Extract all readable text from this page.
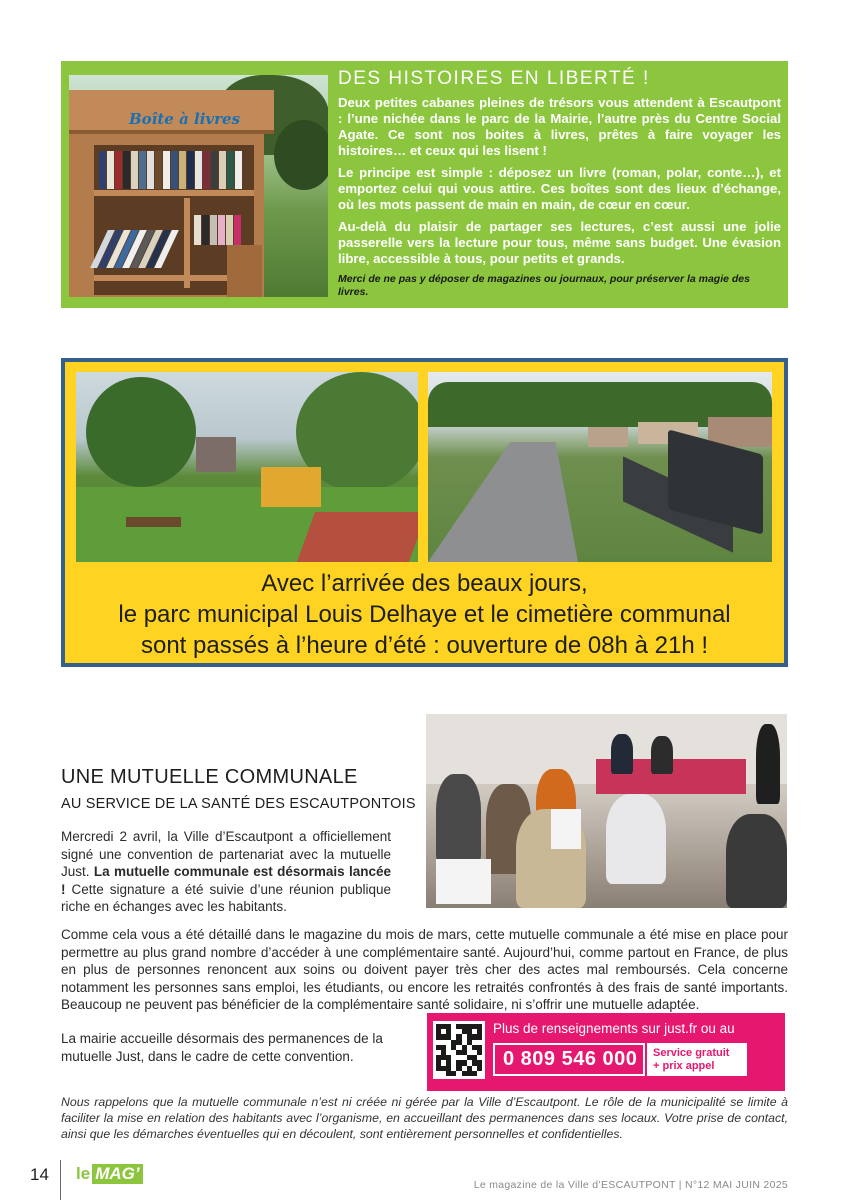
Boîte à livres
DES HISTOIRES EN LIBERTÉ !

Deux petites cabanes pleines de trésors vous attendent à Escautpont : l’une nichée dans le parc de la Mairie, l’autre près du Centre Social Agate. Ce sont nos boites à livres, prêtes à faire voyager les histoires… et ceux qui les lisent !

Le principe est simple : déposez un livre (roman, polar, conte…), et emportez celui qui vous attire. Ces boîtes sont des lieux d’échange, où les mots passent de main en main, de cœur en cœur.

Au-delà du plaisir de partager ses lectures, c’est aussi une jolie passerelle vers la lecture pour tous, même sans budget. Une évasion libre, accessible à tous, pour petits et grands.

Merci de ne pas y déposer de magazines ou journaux, pour préserver la magie des livres.
Avec l’arrivée des beaux jours,
le parc municipal Louis Delhaye et le cimetière communal
sont passés à l’heure d’été : ouverture de 08h à 21h !
UNE MUTUELLE COMMUNALE
AU SERVICE DE LA SANTÉ DES ESCAUTPONTOIS

Mercredi 2 avril, la Ville d’Escautpont a officiellement signé une convention de partenariat avec la mutuelle Just. La mutuelle communale est désormais lancée ! Cette signature a été suivie d’une réunion publique riche en échanges avec les habitants.

Comme cela vous a été détaillé dans le magazine du mois de mars, cette mutuelle communale a été mise en place pour permettre au plus grand nombre d’accéder à une complémentaire santé. Aujourd’hui, comme partout en France, de plus en plus de personnes renoncent aux soins ou doivent payer très cher des actes mal remboursés. Cela concerne notamment les personnes sans emploi, les étudiants, ou encore les retraités confrontés à des frais de santé importants. Beaucoup ne peuvent pas bénéficier de la complémentaire santé solidaire, ni s’offrir une mutuelle adaptée.

La mairie accueille désormais des permanences de la mutuelle Just, dans le cadre de cette convention.

Plus de renseignements sur just.fr ou au
0 809 546 000	Service gratuit
+ prix appel

Nous rappelons que la mutuelle communale n’est ni créée ni gérée par la Ville d’Escautpont. Le rôle de la municipalité se limite à faciliter la mise en relation des habitants avec l’organisme, en accueillant des permanences dans ses locaux. Votre prise de contact, ainsi que les démarches éventuelles qui en découlent, sont entièrement personnelles et confidentielles.

14 le MAG’
Le magazine de la Ville d’ESCAUTPONT | N°12 MAI JUIN 2025
